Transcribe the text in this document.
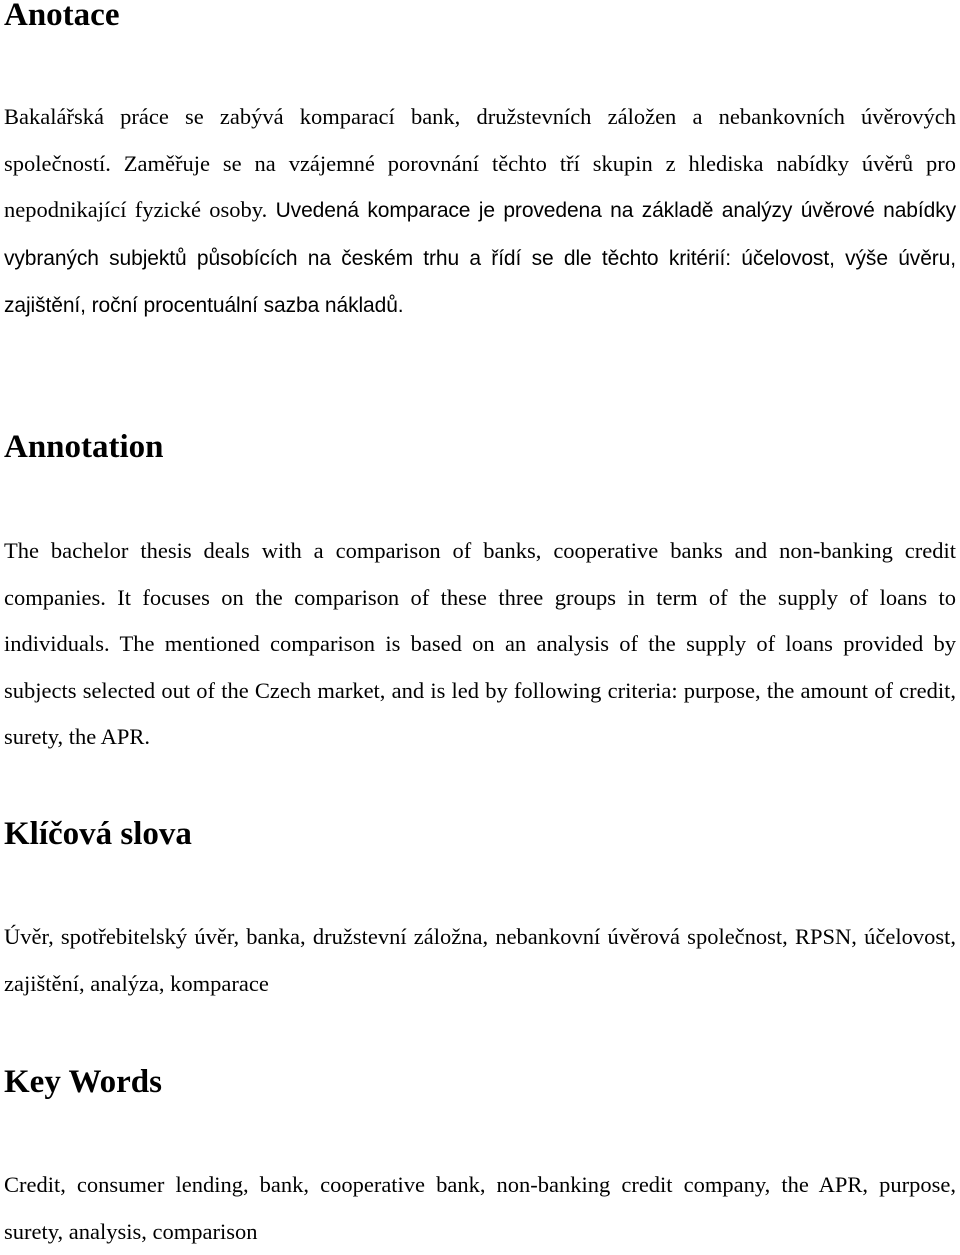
Anotace

Bakalářská práce se zabývá komparací bank, družstevních záložen a nebankovních úvěrových společností. Zaměřuje se na vzájemné porovnání těchto tří skupin z hlediska nabídky úvěrů pro nepodnikající fyzické osoby. Uvedená komparace je provedena na základě analýzy úvěrové nabídky vybraných subjektů působících na českém trhu a řídí se dle těchto kritérií: účelovost, výše úvěru, zajištění, roční procentuální sazba nákladů.

Annotation

The bachelor thesis deals with a comparison of banks, cooperative banks and non-banking credit companies. It focuses on the comparison of these three groups in term of the supply of loans to individuals. The mentioned comparison is based on an analysis of the supply of loans provided by subjects selected out of the Czech market, and is led by following criteria: purpose, the amount of credit, surety, the APR.

Klíčová slova

Úvěr, spotřebitelský úvěr, banka, družstevní záložna, nebankovní úvěrová společnost, RPSN, účelovost, zajištění, analýza, komparace

Key Words

Credit, consumer lending, bank, cooperative bank, non-banking credit company, the APR, purpose, surety, analysis, comparison
